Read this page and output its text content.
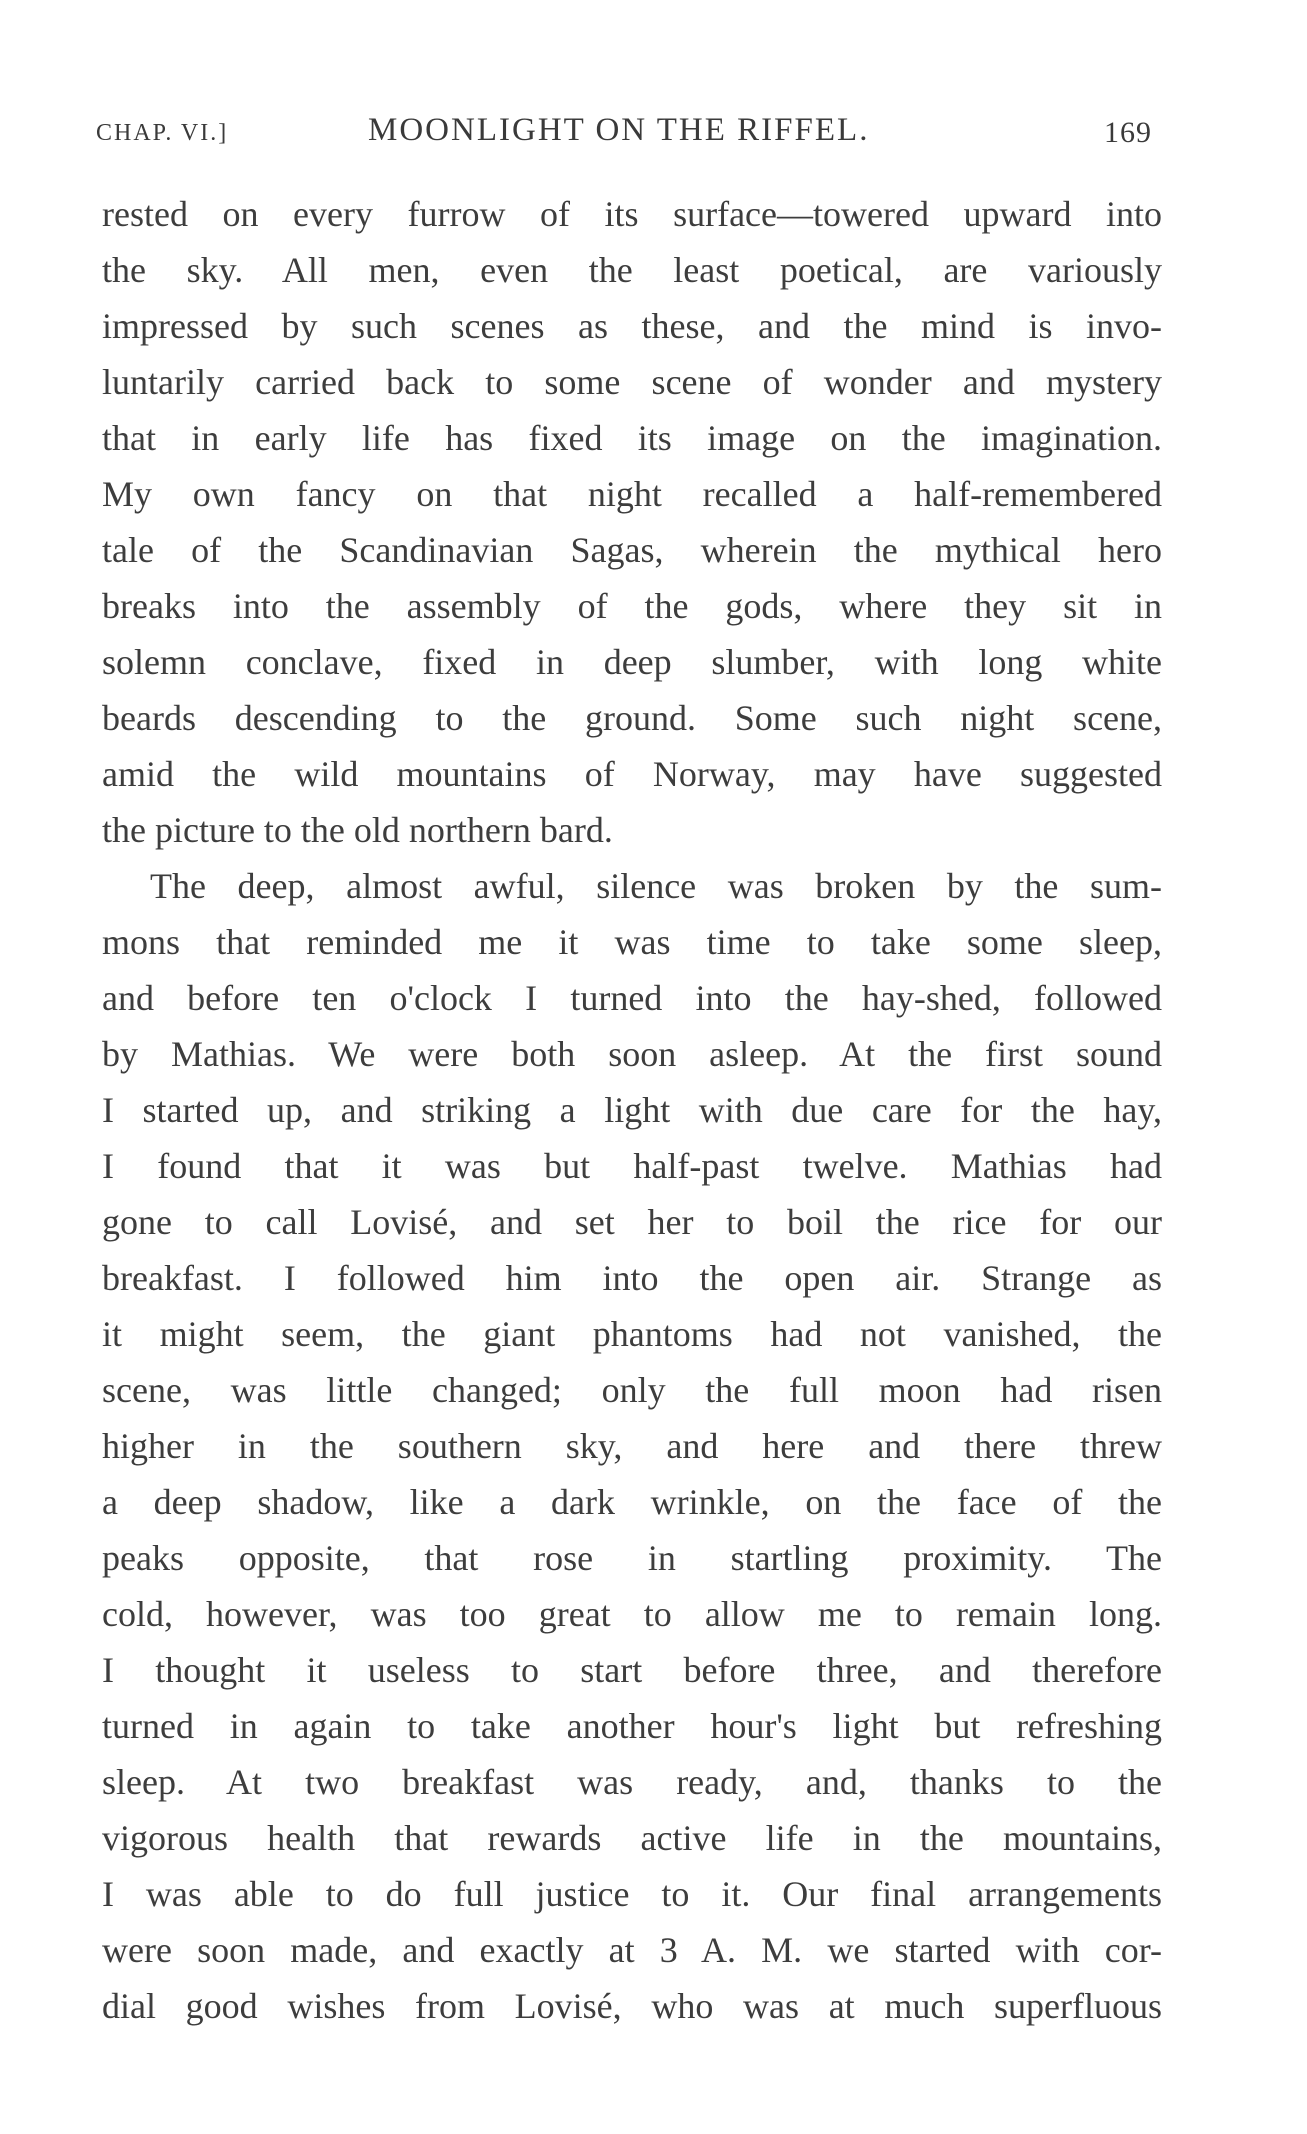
CHAP. VI.]	MOONLIGHT ON THE RIFFEL.	169
rested on every furrow of its surface—towered upward into
the sky. All men, even the least poetical, are variously
impressed by such scenes as these, and the mind is invo-
luntarily carried back to some scene of wonder and mystery
that in early life has fixed its image on the imagination.
My own fancy on that night recalled a half-remembered
tale of the Scandinavian Sagas, wherein the mythical hero
breaks into the assembly of the gods, where they sit in
solemn conclave, fixed in deep slumber, with long white
beards descending to the ground. Some such night scene,
amid the wild mountains of Norway, may have suggested
the picture to the old northern bard.
The deep, almost awful, silence was broken by the sum-
mons that reminded me it was time to take some sleep,
and before ten o'clock I turned into the hay-shed, followed
by Mathias. We were both soon asleep. At the first sound
I started up, and striking a light with due care for the hay,
I found that it was but half-past twelve. Mathias had
gone to call Lovisé, and set her to boil the rice for our
breakfast. I followed him into the open air. Strange as
it might seem, the giant phantoms had not vanished, the
scene, was little changed; only the full moon had risen
higher in the southern sky, and here and there threw
a deep shadow, like a dark wrinkle, on the face of the
peaks opposite, that rose in startling proximity. The
cold, however, was too great to allow me to remain long.
I thought it useless to start before three, and therefore
turned in again to take another hour's light but refreshing
sleep. At two breakfast was ready, and, thanks to the
vigorous health that rewards active life in the mountains,
I was able to do full justice to it. Our final arrangements
were soon made, and exactly at 3 A. M. we started with cor-
dial good wishes from Lovisé, who was at much superfluous
